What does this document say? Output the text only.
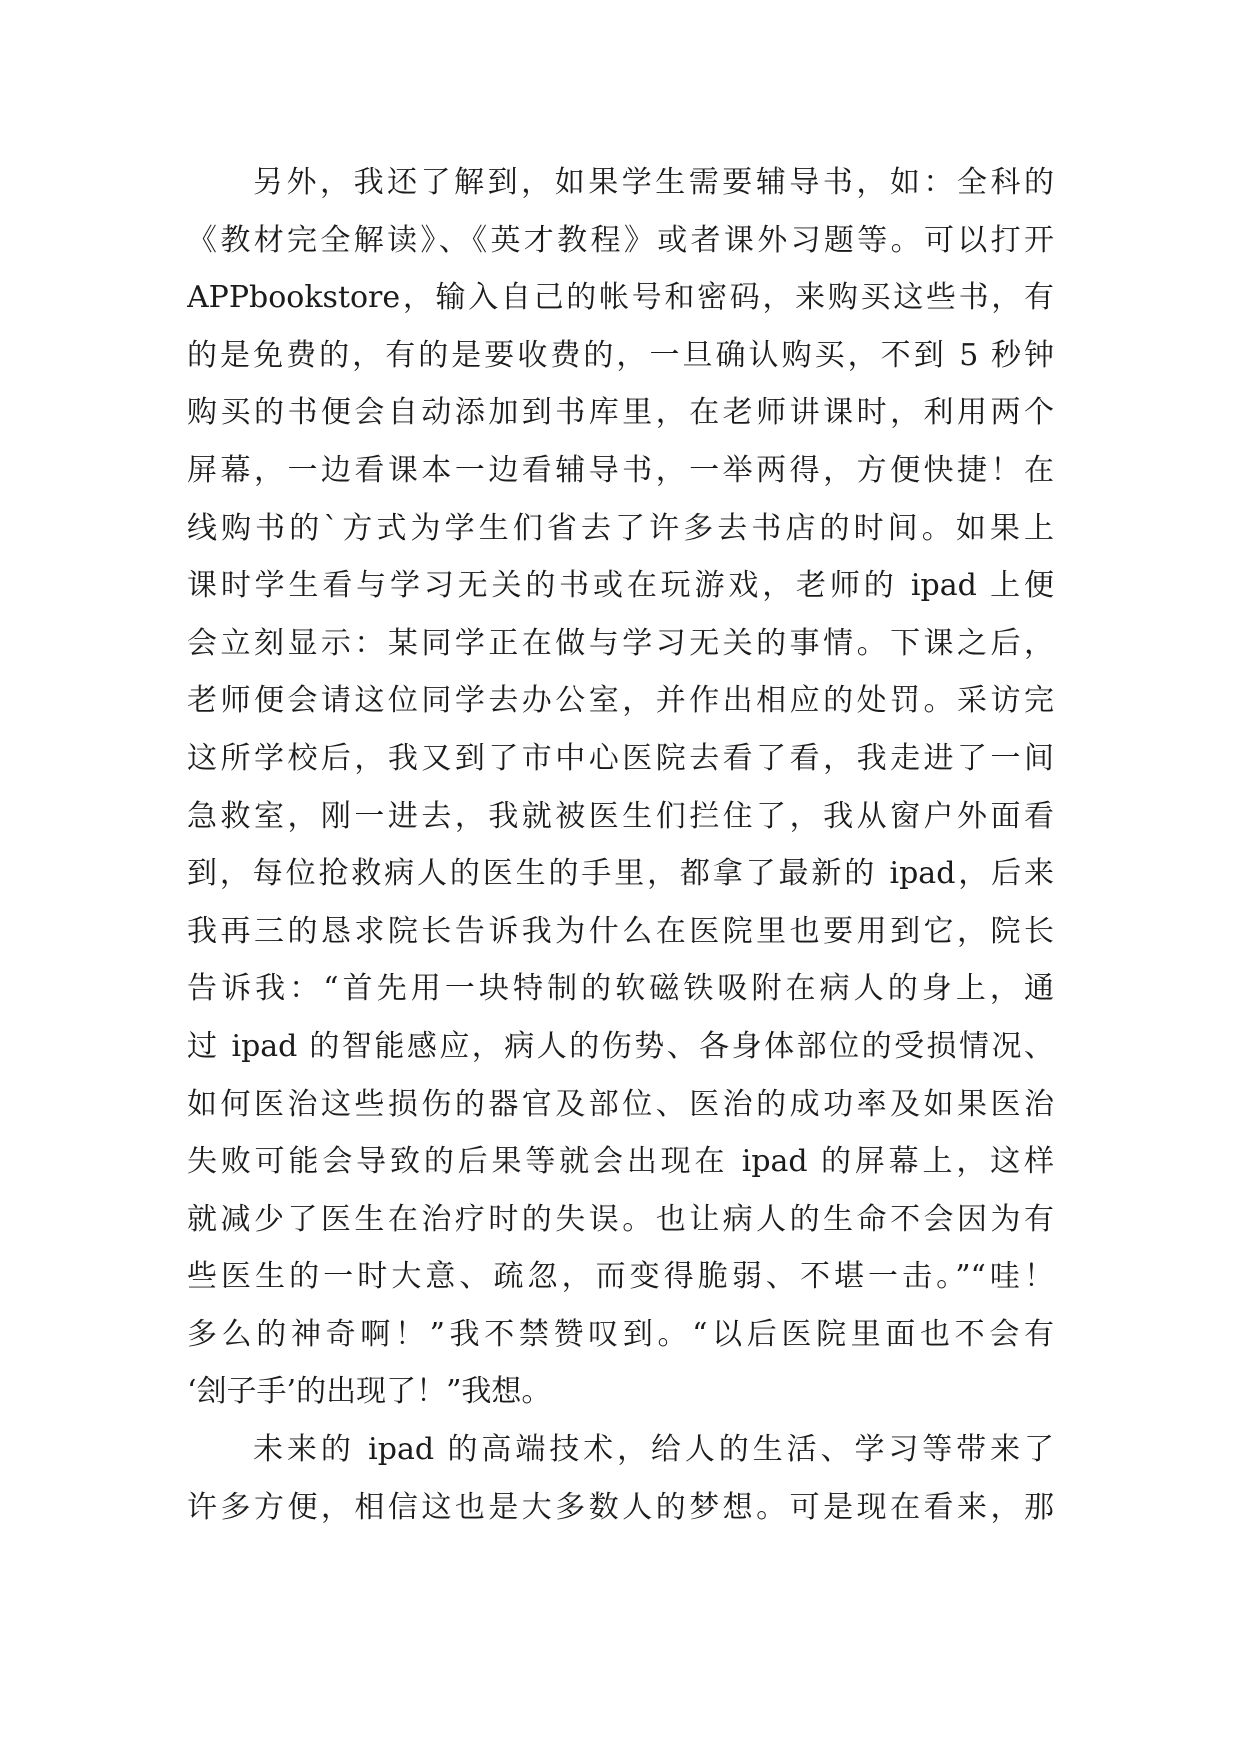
另外，我还了解到，如果学生需要辅导书，如：全科的
《教材完全解读》、《英才教程》或者课外习题等。可以打开
APPbookstore，输入自己的帐号和密码，来购买这些书，有
的是免费的，有的是要收费的，一旦确认购买，不到 5 秒钟
购买的书便会自动添加到书库里，在老师讲课时，利用两个
屏幕，一边看课本一边看辅导书，一举两得，方便快捷！在
线购书的`方式为学生们省去了许多去书店的时间。如果上
课时学生看与学习无关的书或在玩游戏，老师的 ipad 上便
会立刻显示：某同学正在做与学习无关的事情。下课之后，
老师便会请这位同学去办公室，并作出相应的处罚。采访完
这所学校后，我又到了市中心医院去看了看，我走进了一间
急救室，刚一进去，我就被医生们拦住了，我从窗户外面看
到，每位抢救病人的医生的手里，都拿了最新的 ipad，后来
我再三的恳求院长告诉我为什么在医院里也要用到它，院长
告诉我：“首先用一块特制的软磁铁吸附在病人的身上，通
过 ipad 的智能感应，病人的伤势、各身体部位的受损情况、
如何医治这些损伤的器官及部位、医治的成功率及如果医治
失败可能会导致的后果等就会出现在 ipad 的屏幕上，这样
就减少了医生在治疗时的失误。也让病人的生命不会因为有
些医生的一时大意、疏忽，而变得脆弱、不堪一击。”“哇！
多么的神奇啊！”我不禁赞叹到。“以后医院里面也不会有
‘刽子手’的出现了！”我想。
未来的 ipad 的高端技术，给人的生活、学习等带来了
许多方便，相信这也是大多数人的梦想。可是现在看来，那
